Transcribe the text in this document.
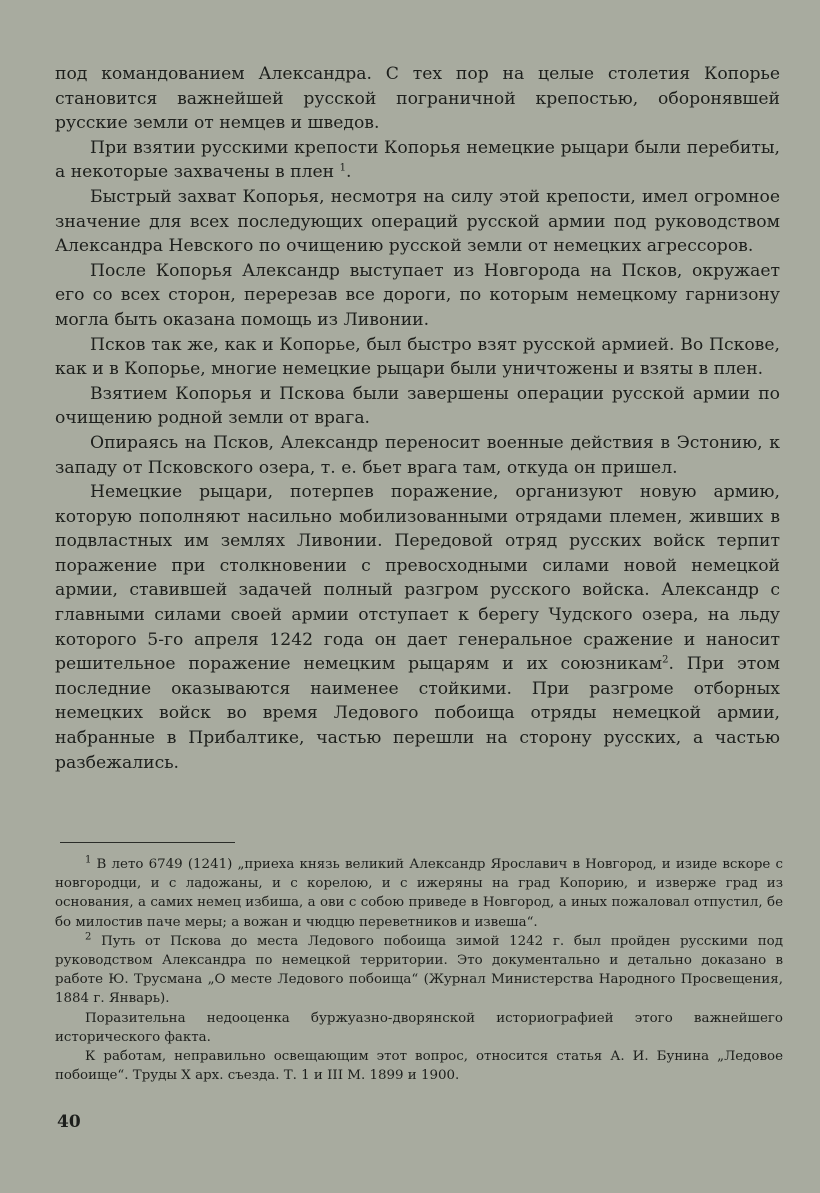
под командованием Александра. С тех пор на целые столетия Копорье становится важнейшей русской пограничной крепостью, оборонявшей русские земли от немцев и шведов.

При взятии русскими крепости Копорья немецкие рыцари были перебиты, а некоторые захвачены в плен $^1$.

Быстрый захват Копорья, несмотря на силу этой крепости, имел огромное значение для всех последующих операций русской армии под руководством Александра Невского по очищению русской земли от немецких агрессоров.

После Копорья Александр выступает из Новгорода на Псков, окружает его со всех сторон, перерезав все дороги, по которым немецкому гарнизону могла быть оказана помощь из Ливонии.

Псков так же, как и Копорье, был быстро взят русской армией. Во Пскове, как и в Копорье, многие немецкие рыцари были уничтожены и взяты в плен.

Взятием Копорья и Пскова были завершены операции русской армии по очищению родной земли от врага.

Опираясь на Псков, Александр переносит военные действия в Эстонию, к западу от Псковского озера, т. е. бьет врага там, откуда он пришел.

Немецкие рыцари, потерпев поражение, организуют новую армию, которую пополняют насильно мобилизованными отрядами племен, живших в подвластных им землях Ливонии. Передовой отряд русских войск терпит поражение при столкновении с превосходными силами новой немецкой армии, ставившей задачей полный разгром русского войска. Александр с главными силами своей армии отступает к берегу Чудского озера, на льду которого 5-го апреля 1242 года он дает генеральное сражение и наносит решительное поражение немецким рыцарям и их союзникам$^2$. При этом последние оказываются наименее стойкими. При разгроме отборных немецких войск во время Ледового побоища отряды немецкой армии, набранные в Прибалтике, частью перешли на сторону русских, а частью разбежались.

$^1$ В лето 6749 (1241) „приеха князь великий Александр Ярославич в Новгород, и изиде вскоре с новгородци, и с ладожаны, и с корелою, и с ижеряны на град Копорию, и изверже град из основания, а самих немец избиша, а ови с собою приведе в Новгород, а иных пожаловал отпустил, бе бо милостив паче меры; а вожан и чюдцю переветников и извеша“.

$^2$ Путь от Пскова до места Ледового побоища зимой 1242 г. был пройден русскими под руководством Александра по немецкой территории. Это документально и детально доказано в работе Ю. Трусмана „О месте Ледового побоища“ (Журнал Министерства Народного Просвещения, 1884 г. Январь).

Поразительна недооценка буржуазно-дворянской историографией этого важнейшего исторического факта.

К работам, неправильно освещающим этот вопрос, относится статья А. И. Бунина „Ледовое побоище“. Труды X арх. съезда. Т. 1 и III М. 1899 и 1900.

40
